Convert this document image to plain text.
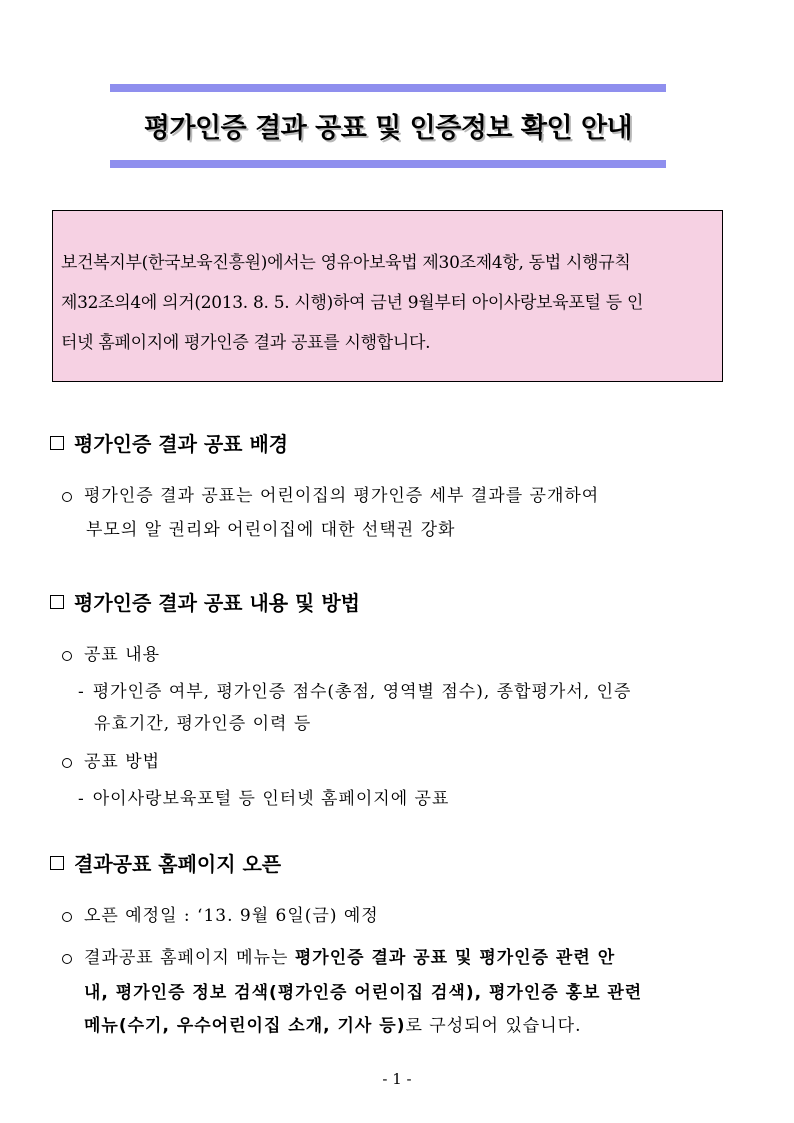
평가인증 결과 공표 및 인증정보 확인 안내

보건복지부(한국보육진흥원)에서는 영유아보육법 제30조제4항, 동법 시행규칙

제32조의4에 의거(2013. 8. 5. 시행)하여 금년 9월부터 아이사랑보육포털 등 인

터넷 홈페이지에 평가인증 결과 공표를 시행합니다.

평가인증 결과 공표 배경
평가인증 결과 공표는 어린이집의 평가인증 세부 결과를 공개하여
부모의 알 권리와 어린이집에 대한 선택권 강화
평가인증 결과 공표 내용 및 방법
공표 내용
- 평가인증 여부, 평가인증 점수(총점, 영역별 점수), 종합평가서, 인증
유효기간, 평가인증 이력 등
공표 방법
- 아이사랑보육포털 등 인터넷 홈페이지에 공표
결과공표 홈페이지 오픈
오픈 예정일 : ‘13. 9월 6일(금) 예정
결과공표 홈페이지 메뉴는 평가인증 결과 공표 및 평가인증 관련 안
내, 평가인증 정보 검색(평가인증 어린이집 검색), 평가인증 홍보 관련
메뉴(수기, 우수어린이집 소개, 기사 등)로 구성되어 있습니다.
- 1 -
